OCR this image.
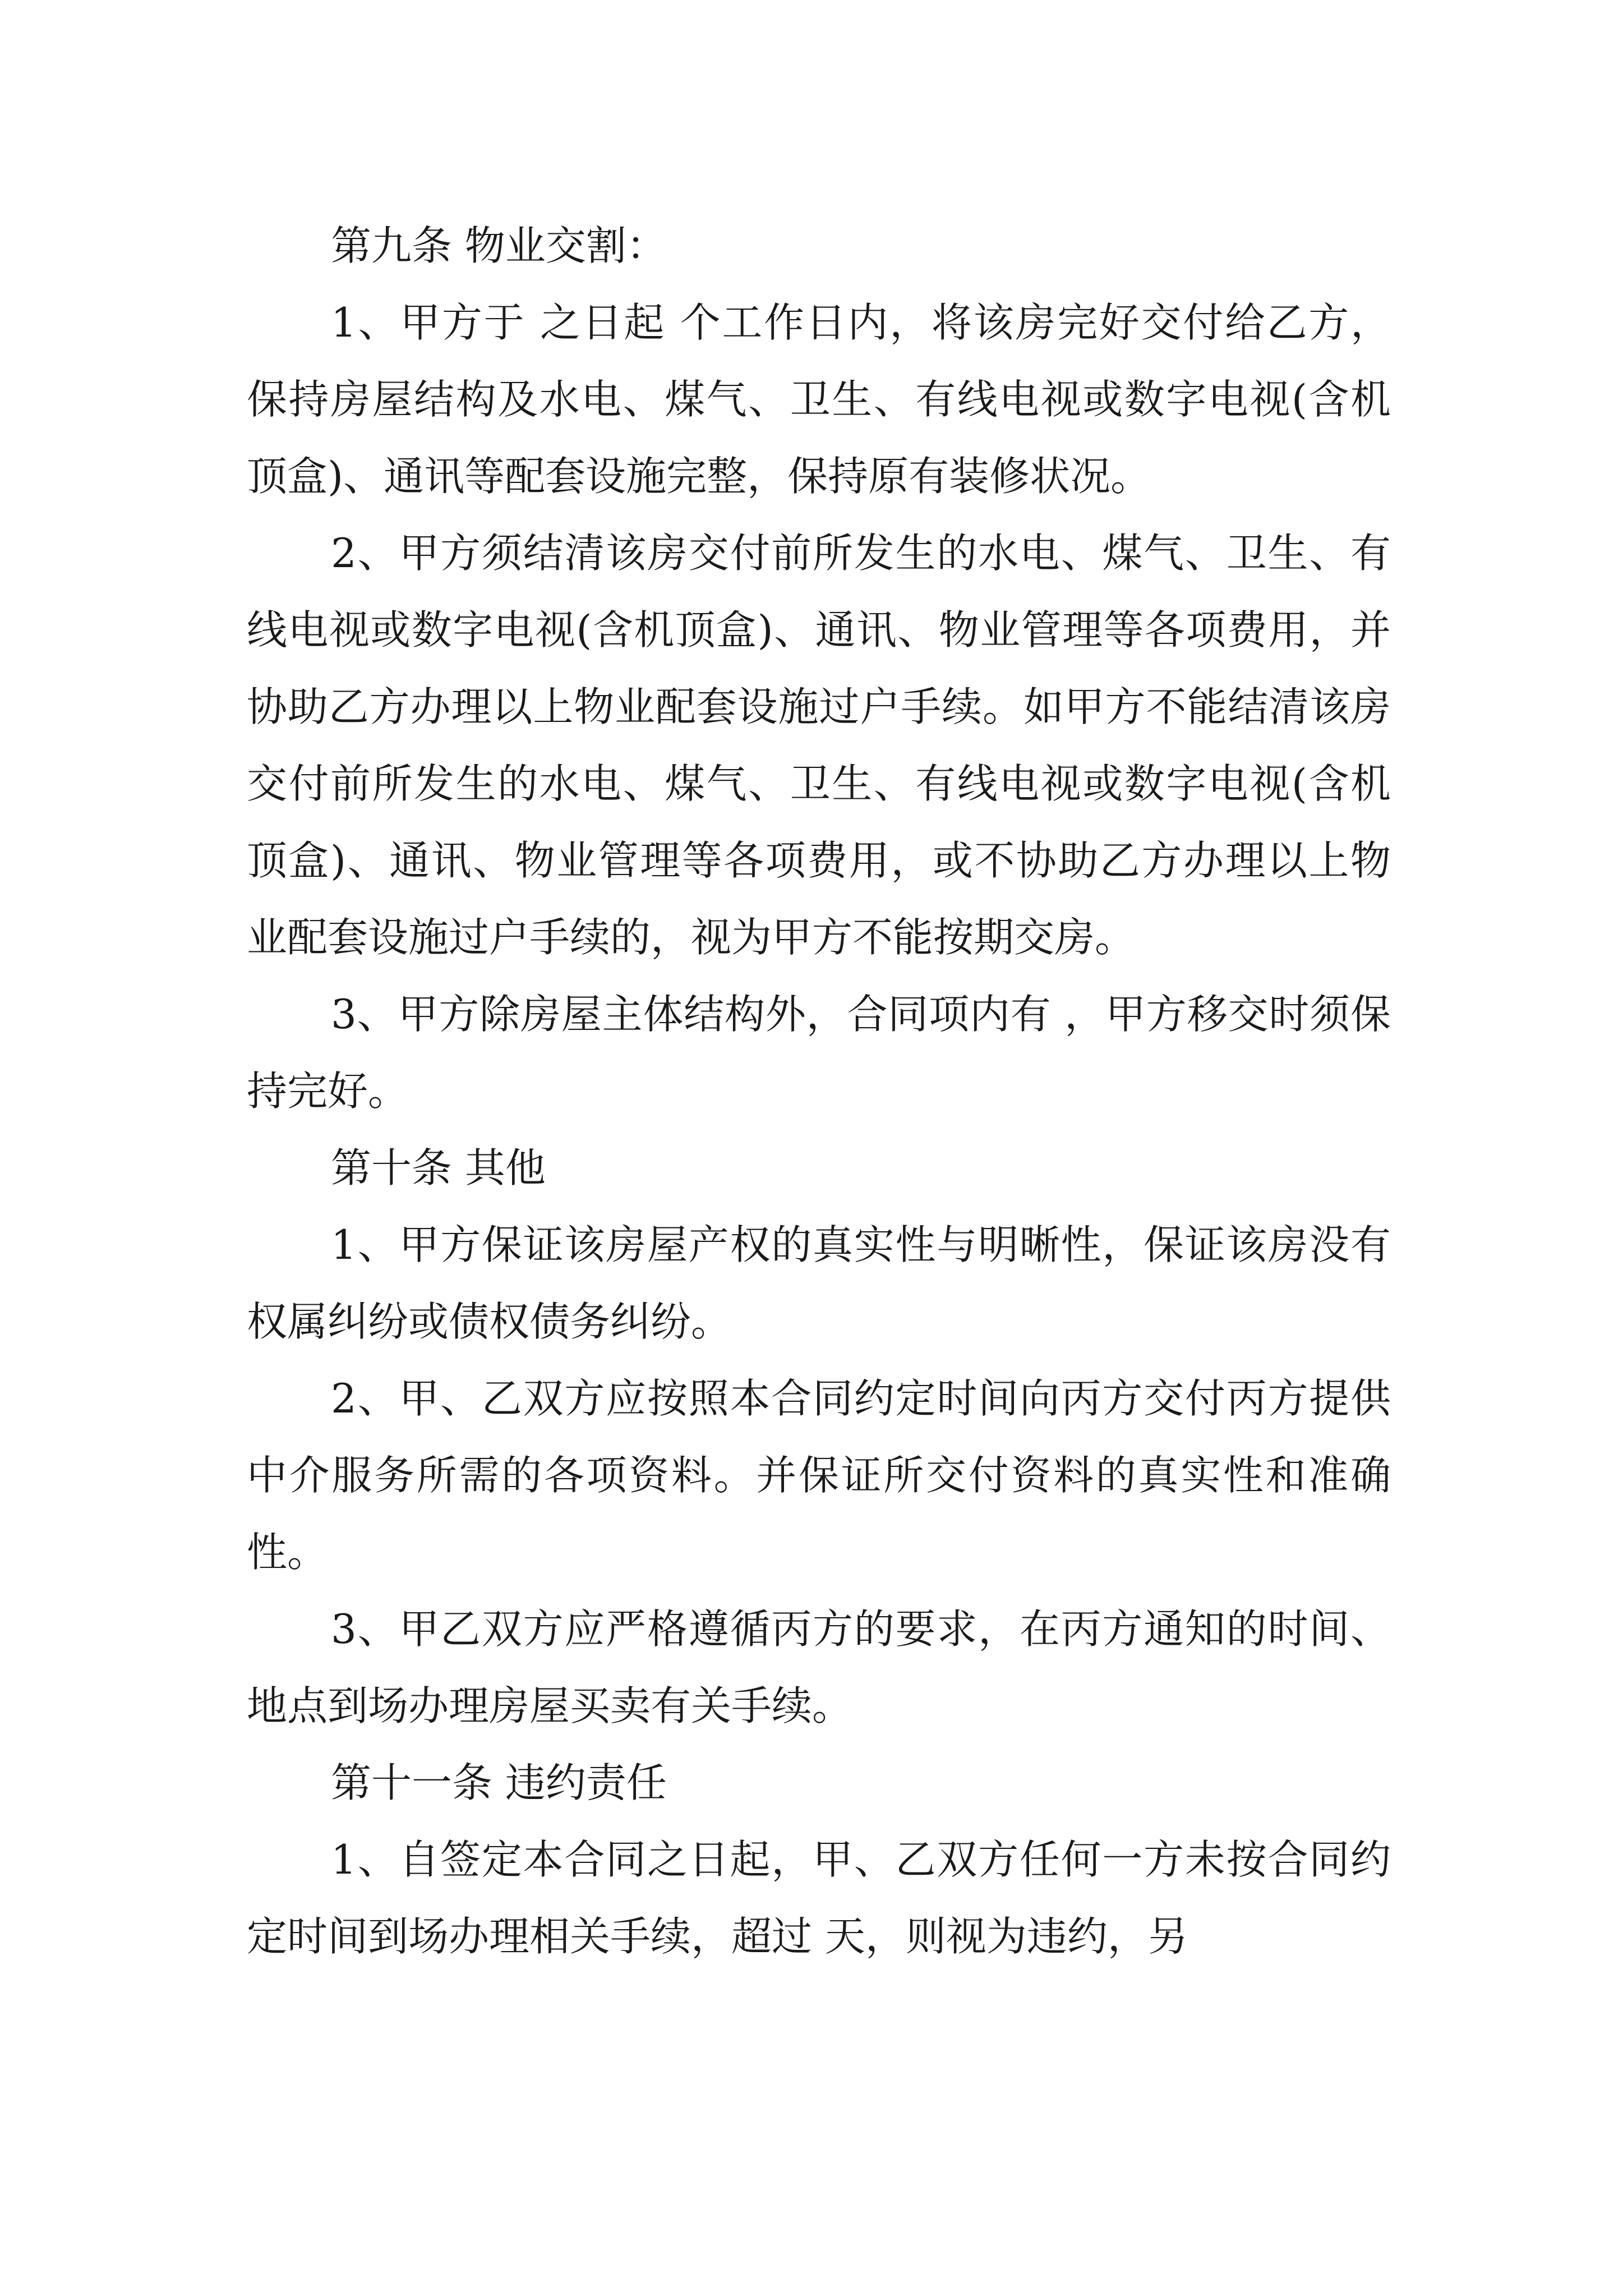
第九条 物业交割：

1、甲方于 之日起 个工作日内，将该房完好交付给乙方，保持房屋结构及水电、煤气、卫生、有线电视或数字电视(含机顶盒)、通讯等配套设施完整，保持原有装修状况。

2、甲方须结清该房交付前所发生的水电、煤气、卫生、有线电视或数字电视(含机顶盒)、通讯、物业管理等各项费用，并协助乙方办理以上物业配套设施过户手续。如甲方不能结清该房交付前所发生的水电、煤气、卫生、有线电视或数字电视(含机顶盒)、通讯、物业管理等各项费用，或不协助乙方办理以上物业配套设施过户手续的，视为甲方不能按期交房。

3、甲方除房屋主体结构外，合同项内有 ，甲方移交时须保持完好。

第十条 其他

1、甲方保证该房屋产权的真实性与明晰性，保证该房没有权属纠纷或债权债务纠纷。

2、甲、乙双方应按照本合同约定时间向丙方交付丙方提供中介服务所需的各项资料。并保证所交付资料的真实性和准确性。

3、甲乙双方应严格遵循丙方的要求，在丙方通知的时间、地点到场办理房屋买卖有关手续。

第十一条 违约责任

1、自签定本合同之日起，甲、乙双方任何一方未按合同约定时间到场办理相关手续，超过 天，则视为违约，另
